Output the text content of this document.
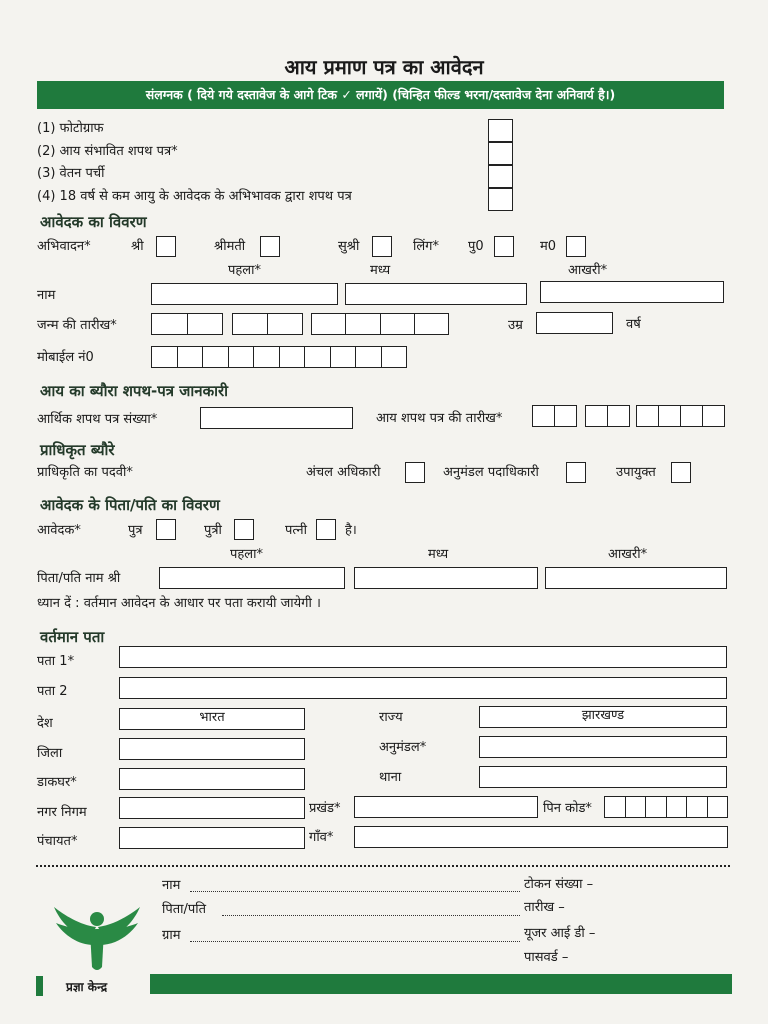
आय प्रमाण पत्र का आवेदन
संलग्नक ( दिये गये दस्तावेज के आगे टिक ✓ लगायें) (चिन्हित फील्ड भरना/दस्तावेज देना अनिवार्य है।)
(1) फोटोग्राफ
(2) आय संभावित शपथ पत्र*
(3) वेतन पर्ची
(4) 18 वर्ष से कम आयु के आवेदक के अभिभावक द्वारा शपथ पत्र
आवेदक का विवरण
अभिवादन*	श्री	श्रीमती	सुश्री	लिंग* पु0	म0
पहला*	मध्य	आखरी*
नाम
जन्म की तारीख*	उम्र	वर्ष
मोबाईल नं0
आय का ब्यौरा शपथ-पत्र जानकारी
आर्थिक शपथ पत्र संख्या*	आय शपथ पत्र की तारीख*
प्राधिकृत ब्यौरे
प्राधिकृति का पदवी*	अंचल अधिकारी	अनुमंडल पदाधिकारी	उपायुक्त
आवेदक के पिता/पति का विवरण
आवेदक*	पुत्र	पुत्री	पत्नी	है।
पहला*	मध्य	आखरी*
पिता/पति नाम श्री
ध्यान दें : वर्तमान आवेदन के आधार पर पता करायी जायेगी ।
वर्तमान पता
पता 1*
पता 2
देश	भारत	राज्य	झारखण्ड
जिला	अनुमंडल*
डाकघर*	थाना
नगर निगम	प्रखंड*	पिन कोड*
पंचायत*	गाँव*
नाम
पिता/पति
ग्राम
टोकन संख्या –
तारीख –
यूजर आई डी –
पासवर्ड –
प्रज्ञा केन्द्र
